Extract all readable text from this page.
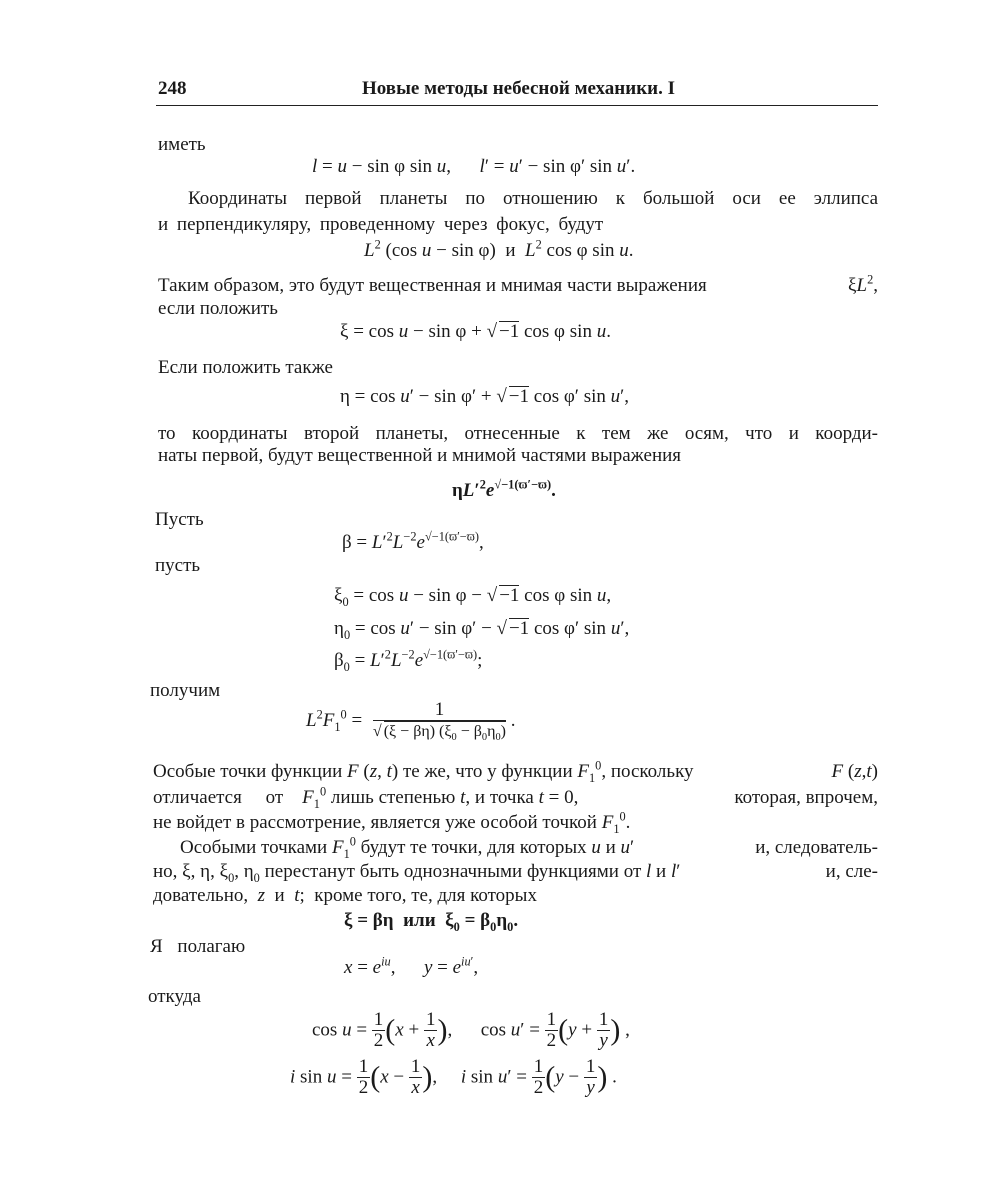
248	Новые методы небесной механики. I
иметь
l = u − sin φ sin u,      l′ = u′ − sin φ′ sin u′.
Координаты первой планеты по отношению к большой оси ее эллипса
и перпендикуляру, проведенному через фокус, будут
$L^2$ (cos u − sin φ)  и $L^2$ cos φ sin u.
Таким образом, это будут вещественная и мнимая части выражения	$\xi L^2$,
если положить
ξ = cos u − sin φ + √ −1 cos φ sin u.
Если положить также
η = cos u′ − sin φ′ + √ −1 cos φ′ sin u′,
то координаты второй планеты, отнесенные к тем же осям, что и коорди-
наты первой, будут вещественной и мнимой частями выражения
$\eta L'^2e^{√-1(ϖ'-ϖ)}$.
Пусть
$\beta = L'^2L^{-2}e^{√-1(ϖ'-ϖ)}$,
пусть
$\xi_0 = \cos u - \sin \varphi$ − √ −1 cos φ sin u,
$\eta_0 = \cos u' - \sin \varphi'$ − √ −1 cos φ′ sin u′,
$\beta_0 = L'^2L^{-2}e^{√-1(ϖ'-ϖ)}$;
получим
$L^2F_1^0 = \frac{1}{√ (\xi - \beta\eta) (\xi_0 - \beta_0\eta_0)}$ .
Особые точки функции F (z, t) те же, что у функции $F_1^0$, поскольку	F (z,t)
отличается от $F_1^0$ лишь степенью t, и точка t = 0,	которая, впрочем,
не войдет в рассмотрение, является уже особой точкой $F_1^0$.
Особыми точками $F_1^0$ будут те точки, для которых u и u′	и, следователь-
но, ξ, η, $\xi_0$, $\eta_0$ перестанут быть однозначными функциями от l и l′	и, сле-
довательно, z и t;  кроме того, те, для которых
ξ = βη  или  $\xi_0 = \beta_0\eta_0$.
Я полагаю
$x = e^{iu}$,      $y = e^{iu'}$,
откуда
$\cos u = \frac{1}{2} (x + \frac{1}{x}$ ),      $\cos u' = \frac{1}{2} (y + \frac{1}{y}$ ) ,
i $\sin u = \frac{1}{2} (x - \frac{1}{x}$ ),     i $\sin u' = \frac{1}{2} (y - \frac{1}{y}$ ) .
